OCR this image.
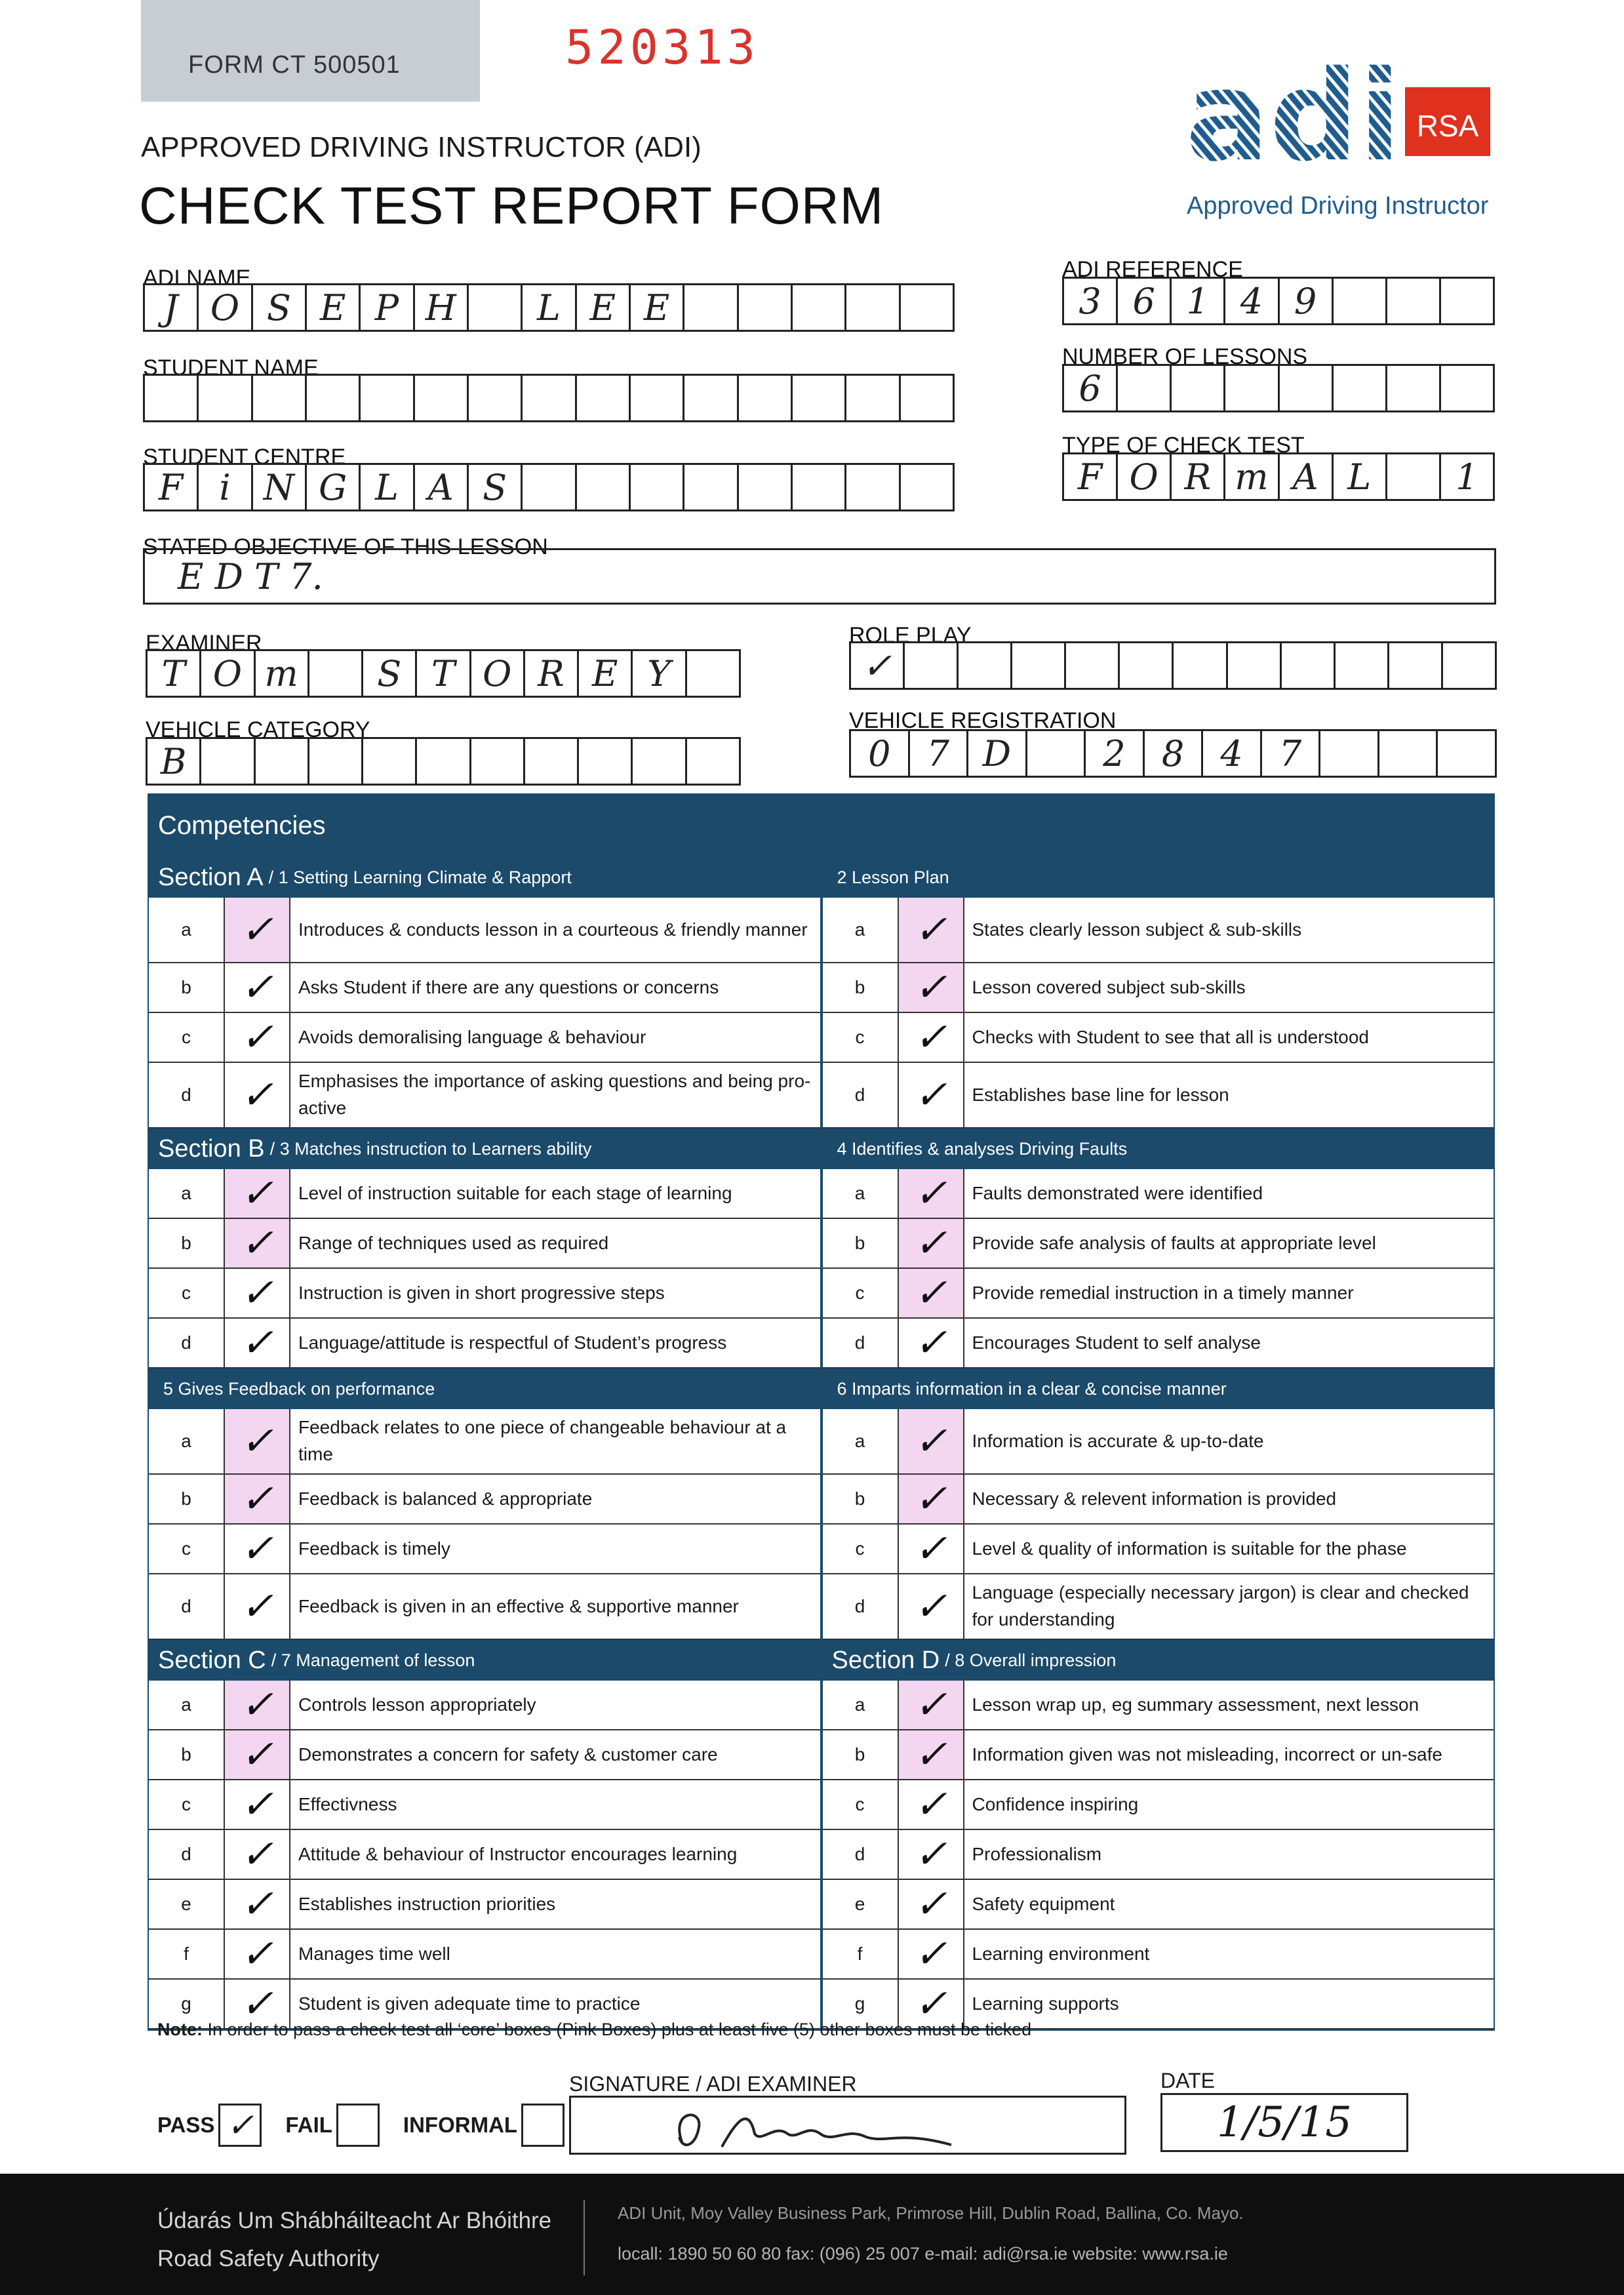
FORM CT 500501	520313
APPROVED DRIVING INSTRUCTOR (ADI)
CHECK TEST REPORT FORM
adi RSA
Approved Driving Instructor
ADI NAME
J O S E P H	L E E
STUDENT NAME
STUDENT CENTRE
F	i N G L A S
ADI REFERENCE
3 6 1 4 9
NUMBER OF LESSONS
6
TYPE OF CHECK TEST
F O R m A L	1
STATED OBJECTIVE OF THIS LESSON
E D T 7.
EXAMINER
T O m	S T O R E Y
ROLE PLAY
✓
VEHICLE CATEGORY
B
VEHICLE REGISTRATION
0	7 D	2	8	4	7
Competencies
Section A / 1 Setting Learning Climate & Rapport
a	✓	Introduces & conducts lesson in a courteous & friendly manner
b	✓	Asks Student if there are any questions or concerns
c	✓	Avoids demoralising language & behaviour
d	✓	Emphasises the importance of asking questions and being pro- active
Section B / 3 Matches instruction to Learners ability
a	✓	Level of instruction suitable for each stage of learning
b	✓	Range of techniques used as required
c	✓	Instruction is given in short progressive steps
d	✓	Language/attitude is respectful of Student’s progress
5 Gives Feedback on performance
a	✓	Feedback relates to one piece of changeable behaviour at a time
b	✓	Feedback is balanced & appropriate
c	✓	Feedback is timely
d	✓	Feedback is given in an effective & supportive manner
Section C / 7 Management of lesson
a	✓	Controls lesson appropriately
b	✓	Demonstrates a concern for safety & customer care
c	✓	Effectivness
d	✓	Attitude & behaviour of Instructor encourages learning
e	✓	Establishes instruction priorities
f	✓	Manages time well
g	✓	Student is given adequate time to practice
2 Lesson Plan
a	✓	States clearly lesson subject & sub-skills
b	✓	Lesson covered subject sub-skills
c	✓	Checks with Student to see that all is understood
d	✓	Establishes base line for lesson
4 Identifies & analyses Driving Faults
a	✓	Faults demonstrated were identified
b	✓	Provide safe analysis of faults at appropriate level
c	✓	Provide remedial instruction in a timely manner
d	✓	Encourages Student to self analyse
6 Imparts information in a clear & concise manner
a	✓	Information is accurate & up-to-date
b	✓	Necessary & relevent information is provided
c	✓	Level & quality of information is suitable for the phase
d	✓	Language (especially necessary jargon) is clear and checked for understanding
Section D / 8 Overall impression
a	✓	Lesson wrap up, eg summary assessment, next lesson
b	✓	Information given was not misleading, incorrect or un-safe
c	✓	Confidence inspiring
d	✓	Professionalism
e	✓	Safety equipment
f	✓	Learning environment
g	✓	Learning supports
Note: In order to pass a check test all ‘core’ boxes (Pink Boxes) plus at least five (5) other boxes must be ticked
PASS ✓	FAIL	INFORMAL
SIGNATURE / ADI EXAMINER	DATE
1/5/15
Údarás Um Shábháilteacht Ar Bhóithre
Road Safety Authority
ADI Unit, Moy Valley Business Park, Primrose Hill, Dublin Road, Ballina, Co. Mayo.
locall: 1890 50 60 80 fax: (096) 25 007 e-mail: adi@rsa.ie website: www.rsa.ie
